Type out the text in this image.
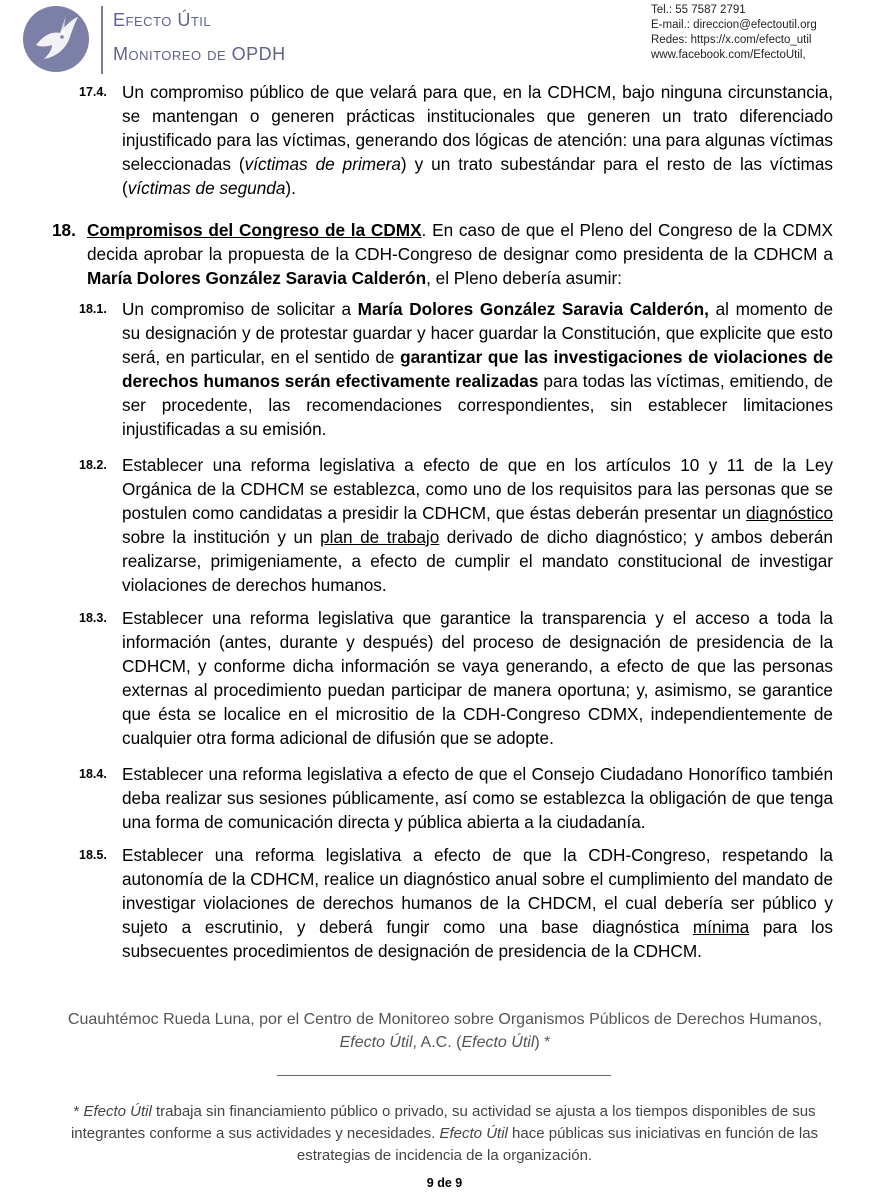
Efecto Útil
Monitoreo de OPDH
Tel.: 55 7587 2791
E-mail.: direccion@efectoutil.org
Redes: https://x.com/efecto_util
www.facebook.com/EfectoUtil,
17.4. Un compromiso público de que velará para que, en la CDHCM, bajo ninguna circunstancia, se mantengan o generen prácticas institucionales que generen un trato diferenciado injustificado para las víctimas, generando dos lógicas de atención: una para algunas víctimas seleccionadas (víctimas de primera) y un trato subestándar para el resto de las víctimas (víctimas de segunda).
18. Compromisos del Congreso de la CDMX. En caso de que el Pleno del Congreso de la CDMX decida aprobar la propuesta de la CDH-Congreso de designar como presidenta de la CDHCM a María Dolores González Saravia Calderón, el Pleno debería asumir:
18.1. Un compromiso de solicitar a María Dolores González Saravia Calderón, al momento de su designación y de protestar guardar y hacer guardar la Constitución, que explicite que esto será, en particular, en el sentido de garantizar que las investigaciones de violaciones de derechos humanos serán efectivamente realizadas para todas las víctimas, emitiendo, de ser procedente, las recomendaciones correspondientes, sin establecer limitaciones injustificadas a su emisión.
18.2. Establecer una reforma legislativa a efecto de que en los artículos 10 y 11 de la Ley Orgánica de la CDHCM se establezca, como uno de los requisitos para las personas que se postulen como candidatas a presidir la CDHCM, que éstas deberán presentar un diagnóstico sobre la institución y un plan de trabajo derivado de dicho diagnóstico; y ambos deberán realizarse, primigeniamente, a efecto de cumplir el mandato constitucional de investigar violaciones de derechos humanos.
18.3. Establecer una reforma legislativa que garantice la transparencia y el acceso a toda la información (antes, durante y después) del proceso de designación de presidencia de la CDHCM, y conforme dicha información se vaya generando, a efecto de que las personas externas al procedimiento puedan participar de manera oportuna; y, asimismo, se garantice que ésta se localice en el micrositio de la CDH-Congreso CDMX, independientemente de cualquier otra forma adicional de difusión que se adopte.
18.4. Establecer una reforma legislativa a efecto de que el Consejo Ciudadano Honorífico también deba realizar sus sesiones públicamente, así como se establezca la obligación de que tenga una forma de comunicación directa y pública abierta a la ciudadanía.
18.5. Establecer una reforma legislativa a efecto de que la CDH-Congreso, respetando la autonomía de la CDHCM, realice un diagnóstico anual sobre el cumplimiento del mandato de investigar violaciones de derechos humanos de la CHDCM, el cual debería ser público y sujeto a escrutinio, y deberá fungir como una base diagnóstica mínima para los subsecuentes procedimientos de designación de presidencia de la CDHCM.
Cuauhtémoc Rueda Luna, por el Centro de Monitoreo sobre Organismos Públicos de Derechos Humanos, Efecto Útil, A.C. (Efecto Útil) *
* Efecto Útil trabaja sin financiamiento público o privado, su actividad se ajusta a los tiempos disponibles de sus integrantes conforme a sus actividades y necesidades. Efecto Útil hace públicas sus iniciativas en función de las estrategias de incidencia de la organización.
9 de 9
